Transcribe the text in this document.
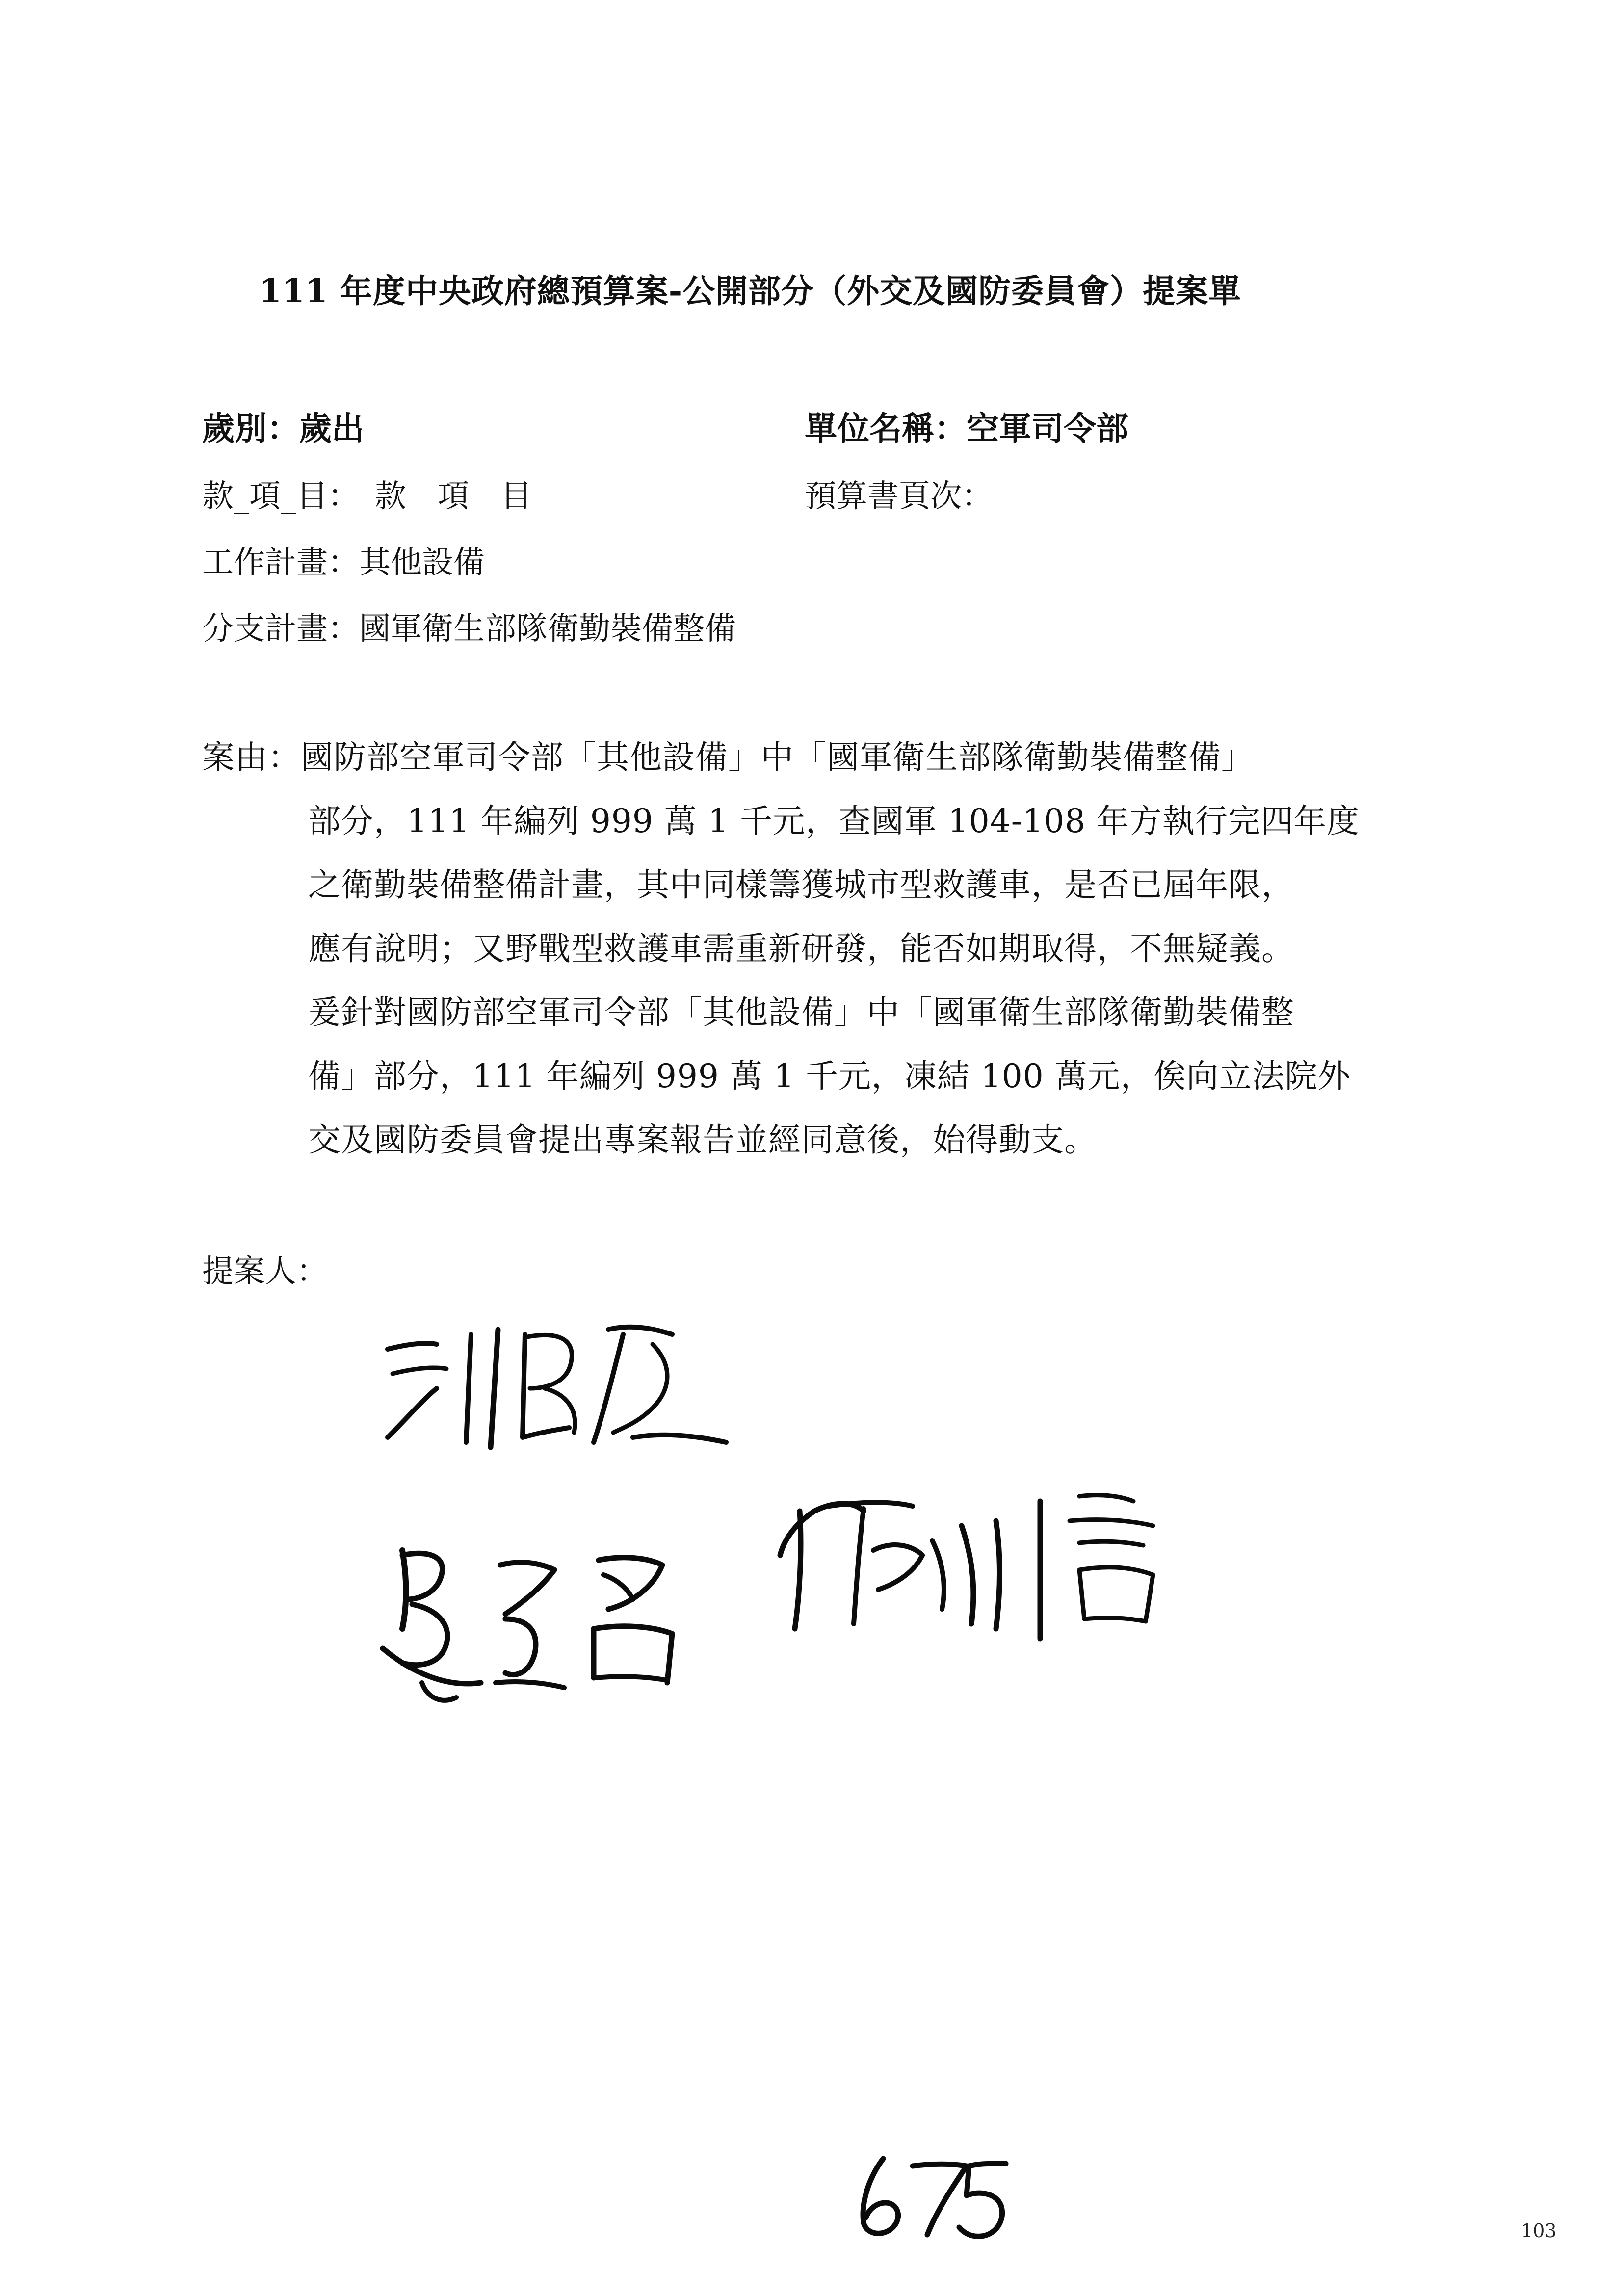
111 年度中央政府總預算案-公開部分（外交及國防委員會）提案單
歲別：歲出	單位名稱：空軍司令部
款_項_目：　款　項　目	預算書頁次：
工作計畫：其他設備
分支計畫：國軍衛生部隊衛勤裝備整備
案由：國防部空軍司令部「其他設備」中「國軍衛生部隊衛勤裝備整備」
部分，111 年編列 999 萬 1 千元，查國軍 104-108 年方執行完四年度
之衛勤裝備整備計畫，其中同樣籌獲城市型救護車，是否已屆年限，
應有說明；又野戰型救護車需重新研發，能否如期取得，不無疑義。
爰針對國防部空軍司令部「其他設備」中「國軍衛生部隊衛勤裝備整
備」部分，111 年編列 999 萬 1 千元，凍結 100 萬元，俟向立法院外
交及國防委員會提出專案報告並經同意後，始得動支。
提案人：
103
